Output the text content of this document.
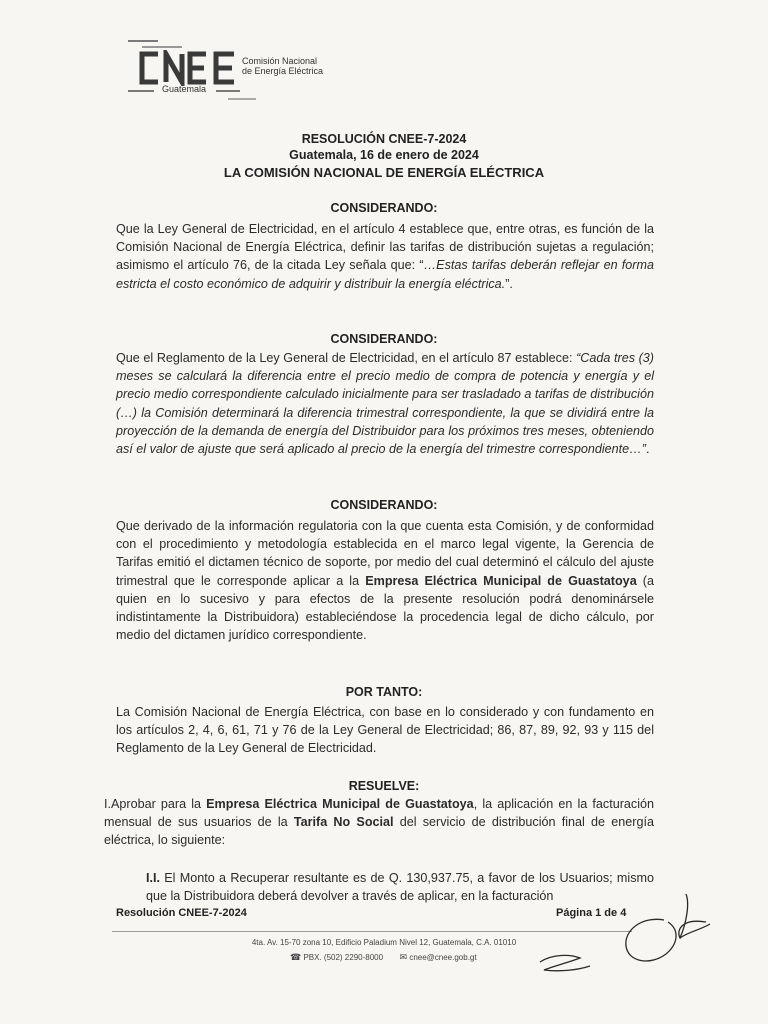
Comisión Nacional
de Energía Eléctrica
Guatemala
RESOLUCIÓN CNEE-7-2024
Guatemala, 16 de enero de 2024
LA COMISIÓN NACIONAL DE ENERGÍA ELÉCTRICA
CONSIDERANDO:
Que la Ley General de Electricidad, en el artículo 4 establece que, entre otras, es función de la Comisión Nacional de Energía Eléctrica, definir las tarifas de distribución sujetas a regulación; asimismo el artículo 76, de la citada Ley señala que: “…Estas tarifas deberán reflejar en forma estricta el costo económico de adquirir y distribuir la energía eléctrica.”.
CONSIDERANDO:
Que el Reglamento de la Ley General de Electricidad, en el artículo 87 establece: “Cada tres (3) meses se calculará la diferencia entre el precio medio de compra de potencia y energía y el precio medio correspondiente calculado inicialmente para ser trasladado a tarifas de distribución (…) la Comisión determinará la diferencia trimestral correspondiente, la que se dividirá entre la proyección de la demanda de energía del Distribuidor para los próximos tres meses, obteniendo así el valor de ajuste que será aplicado al precio de la energía del trimestre correspondiente…”.
CONSIDERANDO:
Que derivado de la información regulatoria con la que cuenta esta Comisión, y de conformidad con el procedimiento y metodología establecida en el marco legal vigente, la Gerencia de Tarifas emitió el dictamen técnico de soporte, por medio del cual determinó el cálculo del ajuste trimestral que le corresponde aplicar a la Empresa Eléctrica Municipal de Guastatoya (a quien en lo sucesivo y para efectos de la presente resolución podrá denominársele indistintamente la Distribuidora) estableciéndose la procedencia legal de dicho cálculo, por medio del dictamen jurídico correspondiente.
POR TANTO:
La Comisión Nacional de Energía Eléctrica, con base en lo considerado y con fundamento en los artículos 2, 4, 6, 61, 71 y 76 de la Ley General de Electricidad; 86, 87, 89, 92, 93 y 115 del Reglamento de la Ley General de Electricidad.
RESUELVE:
I.Aprobar para la Empresa Eléctrica Municipal de Guastatoya, la aplicación en la facturación mensual de sus usuarios de la Tarifa No Social del servicio de distribución final de energía eléctrica, lo siguiente:
I.I. El Monto a Recuperar resultante es de Q. 130,937.75, a favor de los Usuarios; mismo que la Distribuidora deberá devolver a través de aplicar, en la facturación
Resolución CNEE-7-2024	Página 1 de 4
4ta. Av. 15-70 zona 10, Edificio Paladium Nivel 12, Guatemala, C.A. 01010
☎ PBX. (502) 2290-8000 ✉ cnee@cnee.gob.gt
